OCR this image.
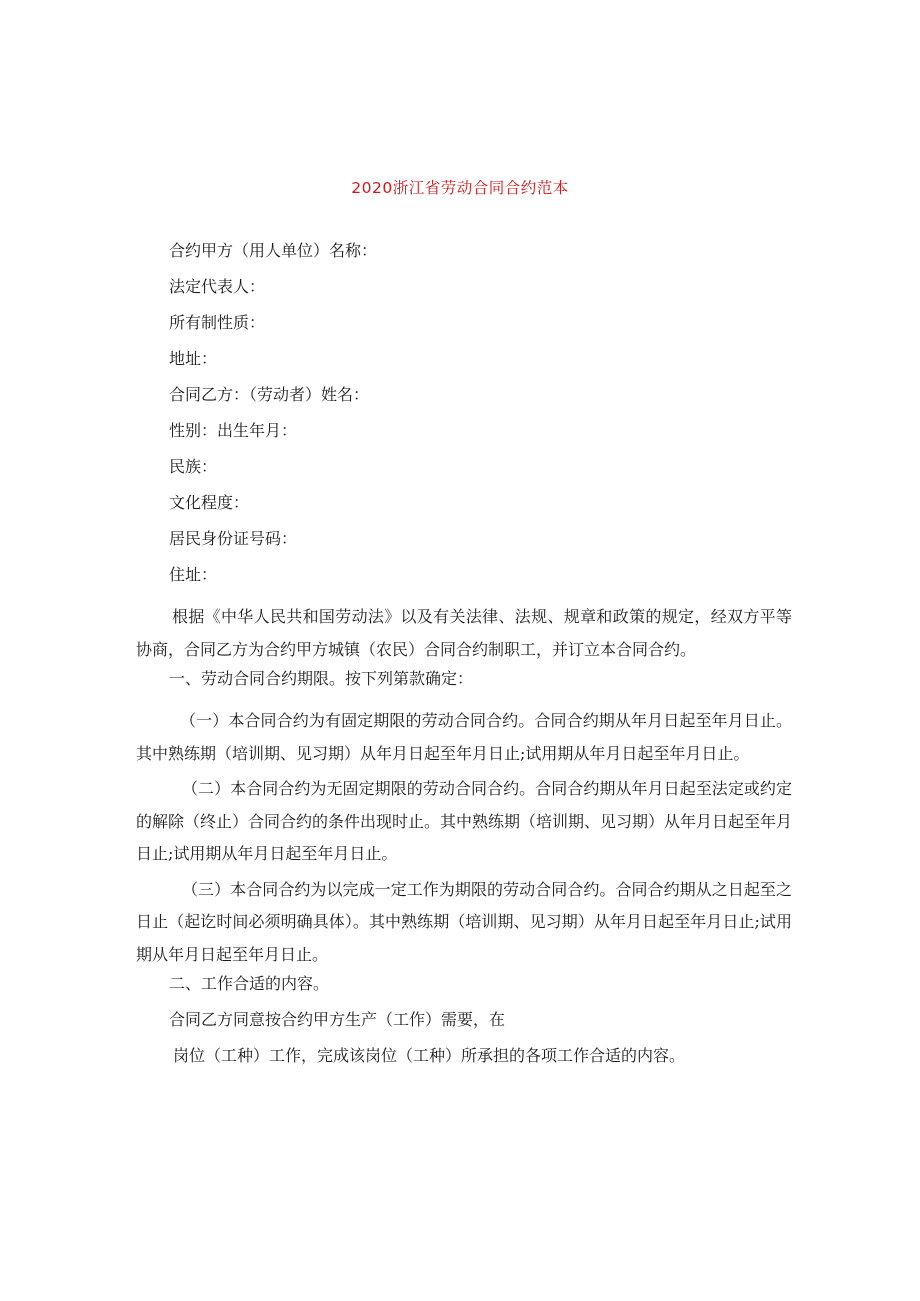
2020浙江省劳动合同合约范本
合约甲方（用人单位）名称：
法定代表人：
所有制性质：
地址：
合同乙方：（劳动者）姓名：
性别：出生年月：
民族：
文化程度：
居民身份证号码：
住址：
根据《中华人民共和国劳动法》以及有关法律、法规、规章和政策的规定，经双方平等协商，合同乙方为合约甲方城镇（农民）合同合约制职工，并订立本合同合约。
一、劳动合同合约期限。按下列第款确定：
（一）本合同合约为有固定期限的劳动合同合约。合同合约期从年月日起至年月日止。其中熟练期（培训期、见习期）从年月日起至年月日止;试用期从年月日起至年月日止。
（二）本合同合约为无固定期限的劳动合同合约。合同合约期从年月日起至法定或约定的解除（终止）合同合约的条件出现时止。其中熟练期（培训期、见习期）从年月日起至年月日止;试用期从年月日起至年月日止。
（三）本合同合约为以完成一定工作为期限的劳动合同合约。合同合约期从之日起至之日止（起讫时间必须明确具体）。其中熟练期（培训期、见习期）从年月日起至年月日止;试用期从年月日起至年月日止。
二、工作合适的内容。
合同乙方同意按合约甲方生产（工作）需要，在
岗位（工种）工作，完成该岗位（工种）所承担的各项工作合适的内容。
